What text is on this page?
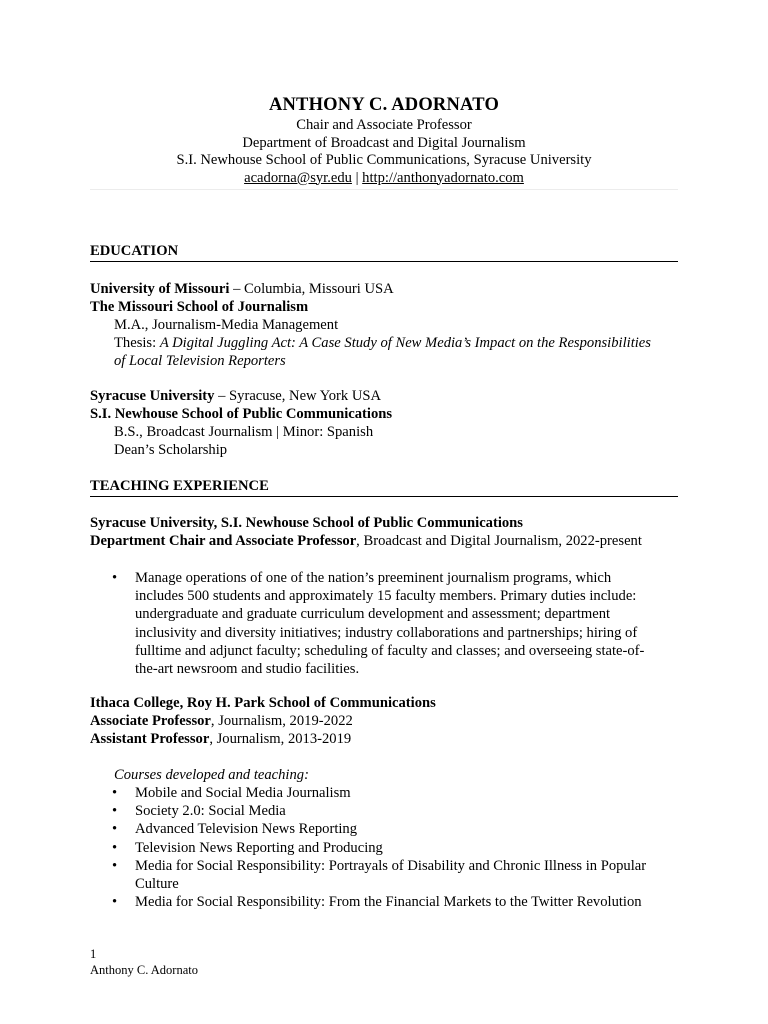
ANTHONY C. ADORNATO
Chair and Associate Professor
Department of Broadcast and Digital Journalism
S.I. Newhouse School of Public Communications, Syracuse University
acadorna@syr.edu | http://anthonyadornato.com
EDUCATION
University of Missouri – Columbia, Missouri USA
The Missouri School of Journalism
M.A., Journalism-Media Management
Thesis: A Digital Juggling Act: A Case Study of New Media’s Impact on the Responsibilities
of Local Television Reporters
Syracuse University – Syracuse, New York USA
S.I. Newhouse School of Public Communications
B.S., Broadcast Journalism | Minor: Spanish
Dean’s Scholarship
TEACHING EXPERIENCE
Syracuse University, S.I. Newhouse School of Public Communications
Department Chair and Associate Professor, Broadcast and Digital Journalism, 2022-present
• Manage operations of one of the nation’s preeminent journalism programs, which
includes 500 students and approximately 15 faculty members. Primary duties include:
undergraduate and graduate curriculum development and assessment; department
inclusivity and diversity initiatives; industry collaborations and partnerships; hiring of
fulltime and adjunct faculty; scheduling of faculty and classes; and overseeing state-of-
the-art newsroom and studio facilities.
Ithaca College, Roy H. Park School of Communications
Associate Professor, Journalism, 2019-2022
Assistant Professor, Journalism, 2013-2019
Courses developed and teaching:
• Mobile and Social Media Journalism
• Society 2.0: Social Media
• Advanced Television News Reporting
• Television News Reporting and Producing
• Media for Social Responsibility: Portrayals of Disability and Chronic Illness in Popular
Culture
• Media for Social Responsibility: From the Financial Markets to the Twitter Revolution
1
Anthony C. Adornato
